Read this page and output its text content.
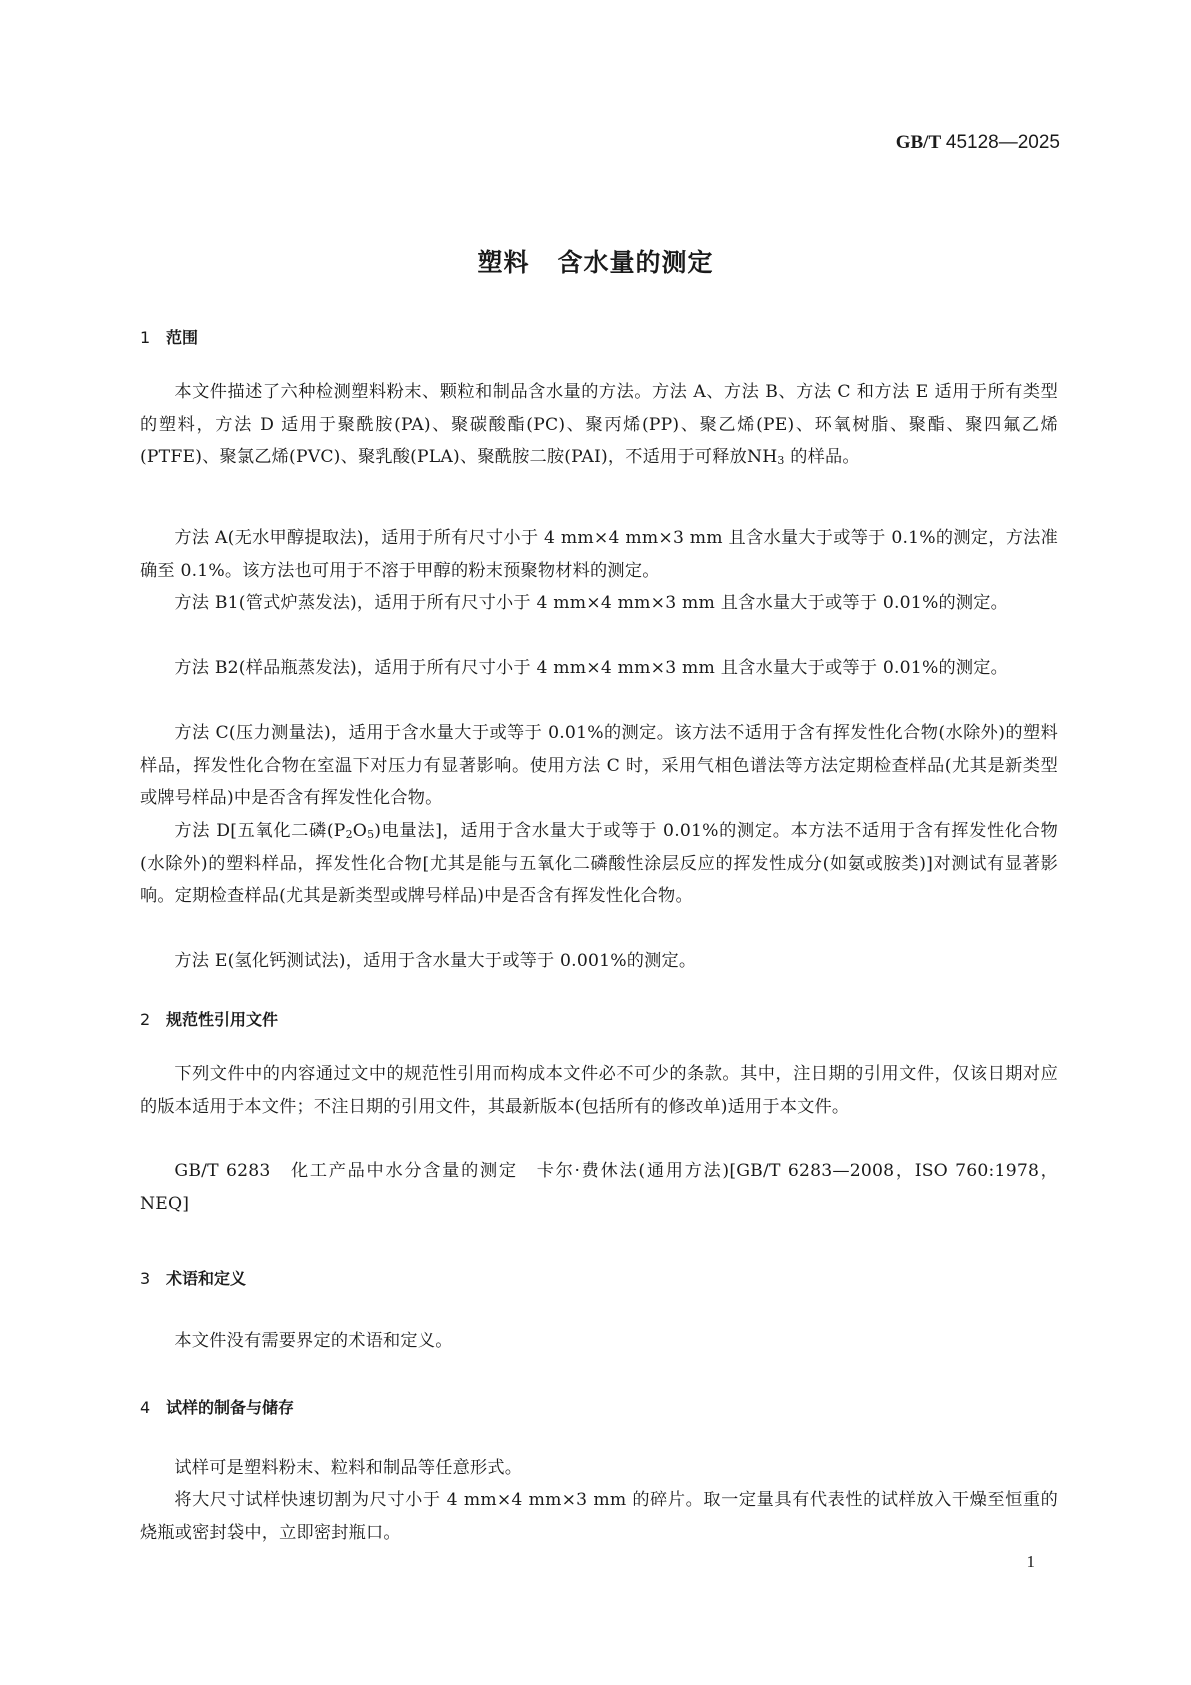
GB/T 45128—2025
塑料 含水量的测定
1 范围
本文件描述了六种检测塑料粉末、颗粒和制品含水量的方法。方法 A、方法 B、方法 C 和方法 E 适用于所有类型的塑料，方法 D 适用于聚酰胺(PA)、聚碳酸酯(PC)、聚丙烯(PP)、聚乙烯(PE)、环氧树脂、聚酯、聚四氟乙烯(PTFE)、聚氯乙烯(PVC)、聚乳酸(PLA)、聚酰胺二胺(PAI)，不适用于可释放$NH_3$ 的样品。
方法 A(无水甲醇提取法)，适用于所有尺寸小于 4 mm×4 mm×3 mm 且含水量大于或等于 0.1%的测定，方法准确至 0.1%。该方法也可用于不溶于甲醇的粉末预聚物材料的测定。
方法 B1(管式炉蒸发法)，适用于所有尺寸小于 4 mm×4 mm×3 mm 且含水量大于或等于 0.01%的测定。
方法 B2(样品瓶蒸发法)，适用于所有尺寸小于 4 mm×4 mm×3 mm 且含水量大于或等于 0.01%的测定。
方法 C(压力测量法)，适用于含水量大于或等于 0.01%的测定。该方法不适用于含有挥发性化合物(水除外)的塑料样品，挥发性化合物在室温下对压力有显著影响。使用方法 C 时，采用气相色谱法等方法定期检查样品(尤其是新类型或牌号样品)中是否含有挥发性化合物。
方法 D[五氧化二磷$(P_2O_5)$电量法]，适用于含水量大于或等于 0.01%的测定。本方法不适用于含有挥发性化合物(水除外)的塑料样品，挥发性化合物[尤其是能与五氧化二磷酸性涂层反应的挥发性成分(如氨或胺类)]对测试有显著影响。定期检查样品(尤其是新类型或牌号样品)中是否含有挥发性化合物。
方法 E(氢化钙测试法)，适用于含水量大于或等于 0.001%的测定。
2 规范性引用文件
下列文件中的内容通过文中的规范性引用而构成本文件必不可少的条款。其中，注日期的引用文件，仅该日期对应的版本适用于本文件；不注日期的引用文件，其最新版本(包括所有的修改单)适用于本文件。
GB/T 6283　化工产品中水分含量的测定　卡尔·费休法(通用方法)[GB/T 6283—2008，ISO 760:1978，NEQ]
3 术语和定义
本文件没有需要界定的术语和定义。
4 试样的制备与储存
试样可是塑料粉末、粒料和制品等任意形式。
将大尺寸试样快速切割为尺寸小于 4 mm×4 mm×3 mm 的碎片。取一定量具有代表性的试样放入干燥至恒重的烧瓶或密封袋中，立即密封瓶口。
1
